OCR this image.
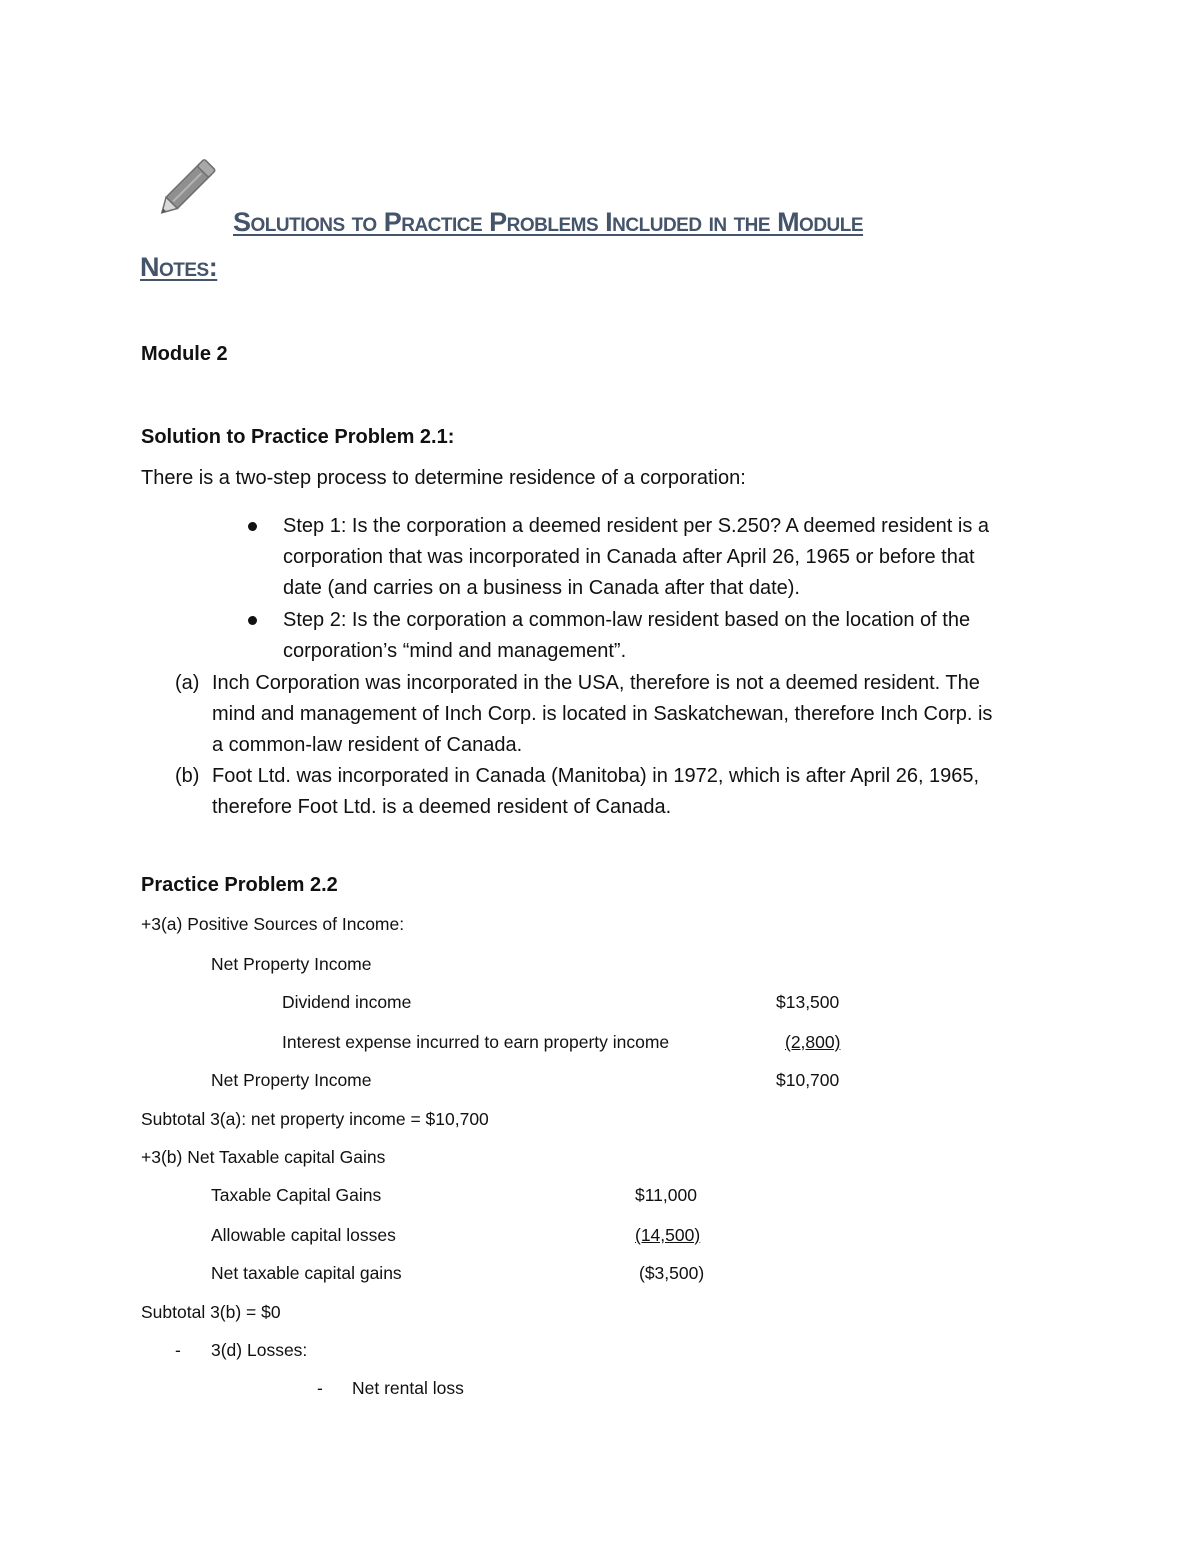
Solutions to Practice Problems Included in the Module
Notes:
Module 2
Solution to Practice Problem 2.1:
There is a two-step process to determine residence of a corporation:
Step 1: Is the corporation a deemed resident per S.250? A deemed resident is a
corporation that was incorporated in Canada after April 26, 1965 or before that
date (and carries on a business in Canada after that date).
Step 2: Is the corporation a common-law resident based on the location of the
corporation’s “mind and management”.
(a) Inch Corporation was incorporated in the USA, therefore is not a deemed resident. The
mind and management of Inch Corp. is located in Saskatchewan, therefore Inch Corp. is
a common-law resident of Canada.
(b) Foot Ltd. was incorporated in Canada (Manitoba) in 1972, which is after April 26, 1965,
therefore Foot Ltd. is a deemed resident of Canada.
Practice Problem 2.2
+3(a) Positive Sources of Income:
Net Property Income
Dividend income	$13,500
Interest expense incurred to earn property income	(2,800)
Net Property Income	$10,700
Subtotal 3(a): net property income = $10,700
+3(b) Net Taxable capital Gains
Taxable Capital Gains	$11,000
Allowable capital losses	(14,500)
Net taxable capital gains	($3,500)
Subtotal 3(b) = $0
- 3(d) Losses:
- Net rental loss
